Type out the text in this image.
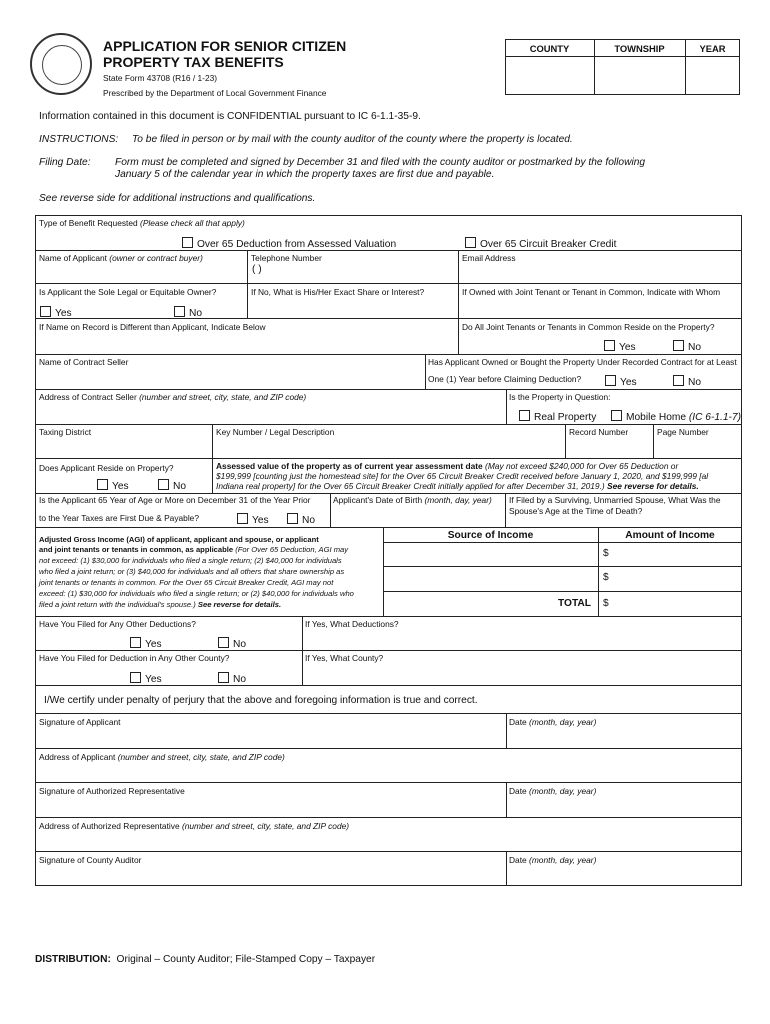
APPLICATION FOR SENIOR CITIZEN
PROPERTY TAX BENEFITS
State Form 43708 (R16 / 1-23)
Prescribed by the Department of Local Government Finance
COUNTY	TOWNSHIP	YEAR
Information contained in this document is CONFIDENTIAL pursuant to IC 6-1.1-35-9.
INSTRUCTIONS: To be filed in person or by mail with the county auditor of the county where the property is located.
Filing Date: Form must be completed and signed by December 31 and filed with the county auditor or postmarked by the following
January 5 of the calendar year in which the property taxes are first due and payable.
See reverse side for additional instructions and qualifications.
Type of Benefit Requested (Please check all that apply)
Over 65 Deduction from Assessed Valuation	Over 65 Circuit Breaker Credit
Name of Applicant (owner or contract buyer)	Telephone Number
( )
Email Address
Is Applicant the Sole Legal or Equitable Owner?
Yes	No
If No, What is His/Her Exact Share or Interest?	If Owned with Joint Tenant or Tenant in Common, Indicate with Whom
If Name on Record is Different than Applicant, Indicate Below	Do All Joint Tenants or Tenants in Common Reside on the Property?
Yes	No
Name of Contract Seller	Has Applicant Owned or Bought the Property Under Recorded Contract for at Least
One (1) Year before Claiming Deduction?	Yes	No
Address of Contract Seller (number and street, city, state, and ZIP code)	Is the Property in Question:
Real Property	Mobile Home (IC 6-1.1-7)
Taxing District	Key Number / Legal Description	Record Number	Page Number
Does Applicant Reside on Property?
Yes	No
Assessed value of the property as of current year assessment date (May not exceed $240,000 for Over 65 Deduction or
$199,999 [counting just the homestead site] for the Over 65 Circuit Breaker Credit received before January 1, 2020, and $199,999 [al
Indiana real property] for the Over 65 Circuit Breaker Credit initially applied for after December 31, 2019.) See reverse for details.
Is the Applicant 65 Year of Age or More on December 31 of the Year Prior
to the Year Taxes are First Due & Payable?	Yes	No
Applicant's Date of Birth (month, day, year) If Filed by a Surviving, Unmarried Spouse, What Was the
Spouse's Age at the Time of Death?
Adjusted Gross Income (AGI) of applicant, applicant and spouse, or applicant
and joint tenants or tenants in common, as applicable (For Over 65 Deduction, AGI may
not exceed: (1) $30,000 for individuals who filed a single return; (2) $40,000 for individuals
who filed a joint return; or (3) $40,000 for individuals and all others that share ownership as
joint tenants or tenants in common. For the Over 65 Circuit Breaker Credit, AGI may not
exceed: (1) $30,000 for individuals who filed a single return; or (2) $40,000 for individuals who
filed a joint return with the individual's spouse.) See reverse for details.
Source of Income	Amount of Income
$
$
TOTAL $
Have You Filed for Any Other Deductions?
Yes	No
If Yes, What Deductions?
Have You Filed for Deduction in Any Other County?
Yes	No
If Yes, What County?
I/We certify under penalty of perjury that the above and foregoing information is true and correct.
Signature of Applicant	Date (month, day, year)
Address of Applicant (number and street, city, state, and ZIP code)
Signature of Authorized Representative	Date (month, day, year)
Address of Authorized Representative (number and street, city, state, and ZIP code)
Signature of County Auditor	Date (month, day, year)
DISTRIBUTION: Original – County Auditor; File-Stamped Copy – Taxpayer
